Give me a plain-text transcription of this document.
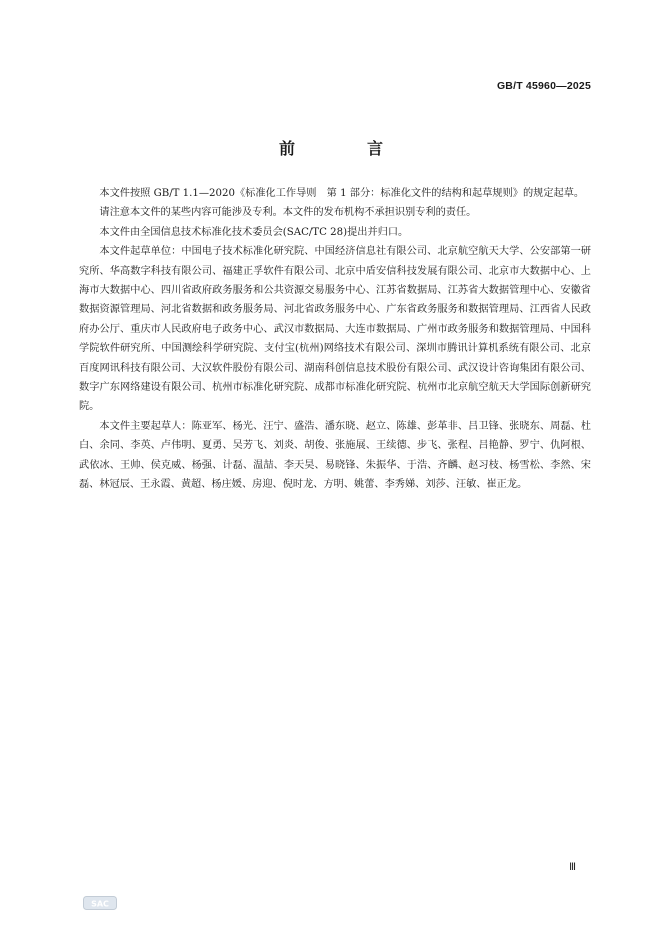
GB/T 45960—2025
前　言

本文件按照 GB/T 1.1—2020《标准化工作导则　第 1 部分：标准化文件的结构和起草规则》的规定起草。

请注意本文件的某些内容可能涉及专利。本文件的发布机构不承担识别专利的责任。

本文件由全国信息技术标准化技术委员会(SAC/TC 28)提出并归口。

本文件起草单位：中国电子技术标准化研究院、中国经济信息社有限公司、北京航空航天大学、公安部第一研究所、华高数字科技有限公司、福建正孚软件有限公司、北京中盾安信科技发展有限公司、北京市大数据中心、上海市大数据中心、四川省政府政务服务和公共资源交易服务中心、江苏省数据局、江苏省大数据管理中心、安徽省数据资源管理局、河北省数据和政务服务局、河北省政务服务中心、广东省政务服务和数据管理局、江西省人民政府办公厅、重庆市人民政府电子政务中心、武汉市数据局、大连市数据局、广州市政务服务和数据管理局、中国科学院软件研究所、中国测绘科学研究院、支付宝(杭州)网络技术有限公司、深圳市腾讯计算机系统有限公司、北京百度网讯科技有限公司、大汉软件股份有限公司、湖南科创信息技术股份有限公司、武汉设计咨询集团有限公司、数字广东网络建设有限公司、杭州市标准化研究院、成都市标准化研究院、杭州市北京航空航天大学国际创新研究院。

本文件主要起草人：陈亚军、杨光、汪宁、盛浩、潘东晓、赵立、陈雄、彭革非、吕卫锋、张晓东、周磊、杜白、余同、李英、卢伟明、夏勇、吴芳飞、刘炎、胡俊、张施展、王续德、步飞、张程、吕艳静、罗宁、仇阿根、武依冰、王帅、侯克威、杨强、计磊、温喆、李天昊、易晓锋、朱振华、于浩、齐麟、赵习枝、杨雪松、李然、宋磊、林冠辰、王永霞、黄超、杨庄媛、房迎、倪时龙、方明、姚蕾、李秀娣、刘莎、汪敏、崔正龙。

Ⅲ
SAC
